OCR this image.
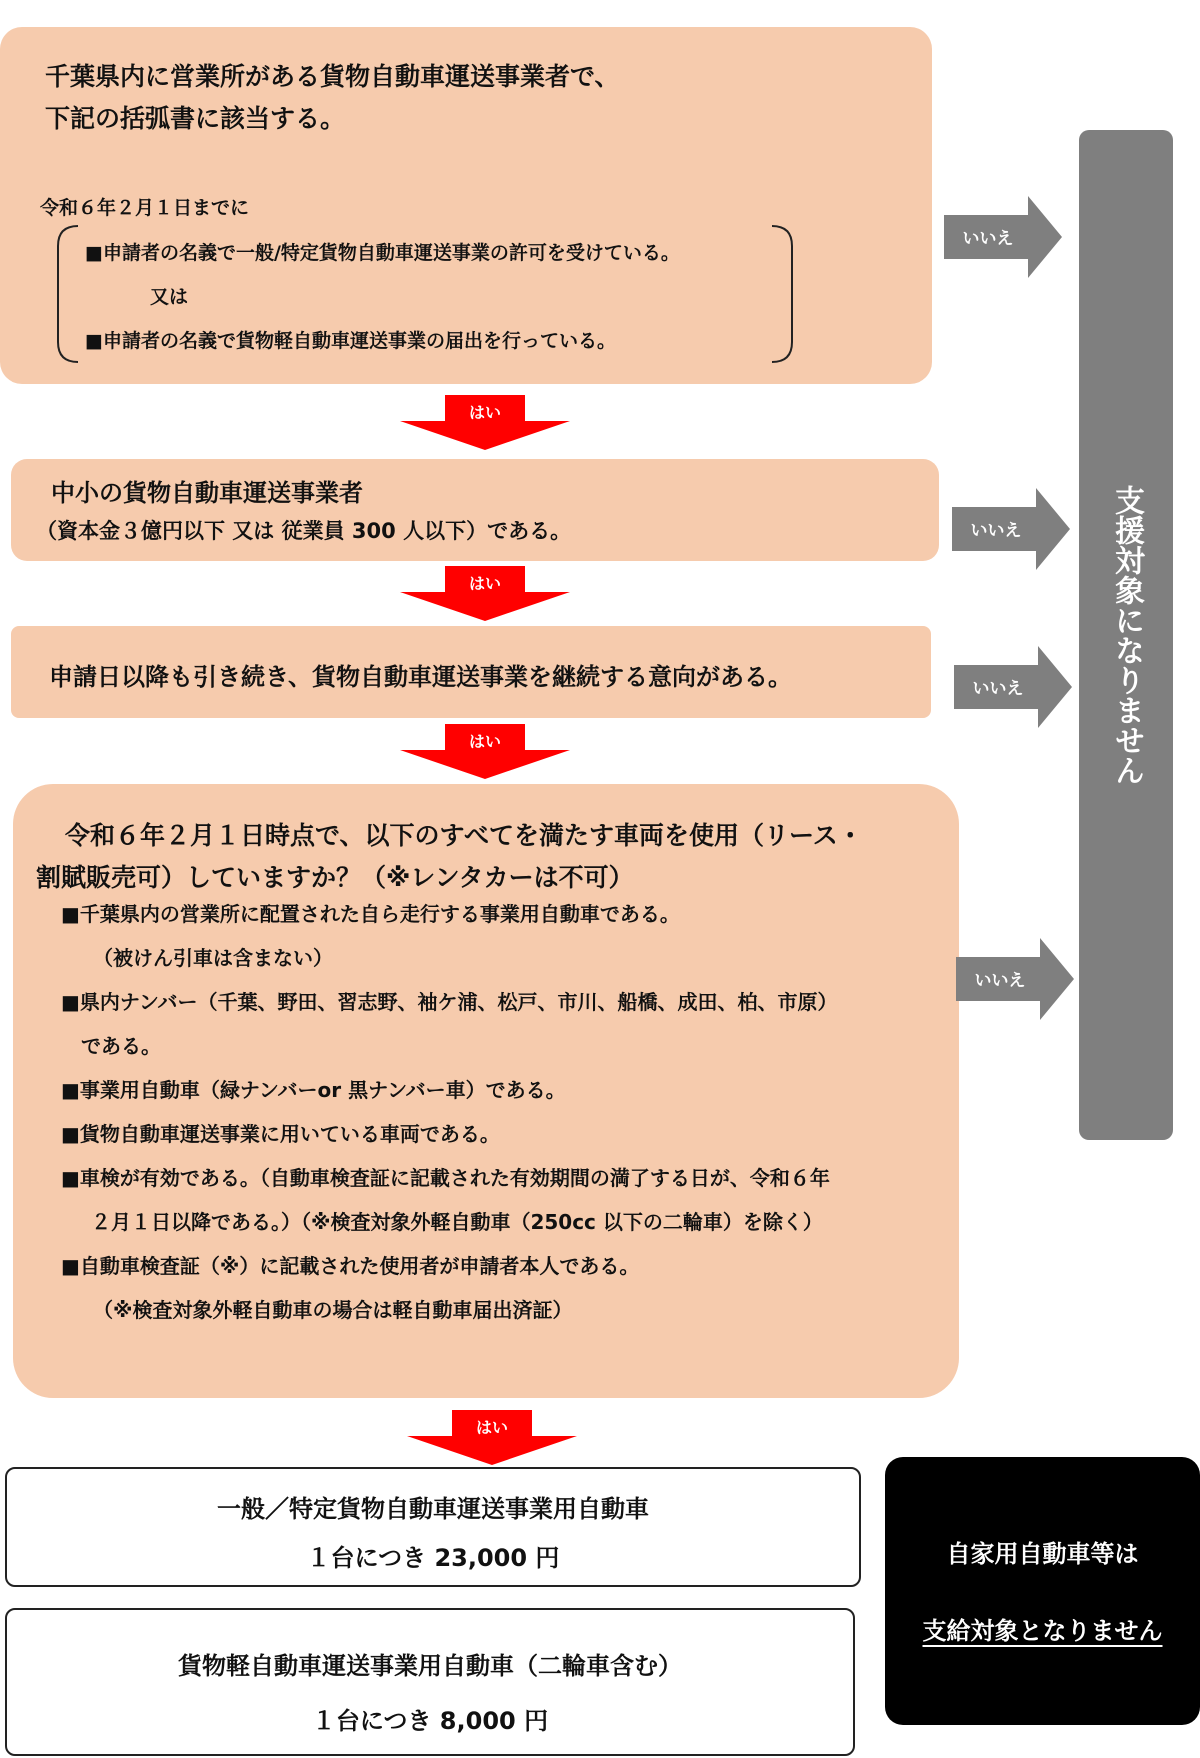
千葉県内に営業所がある貨物自動車運送事業者で、
下記の括弧書に該当する。
令和６年２月１日までに
■申請者の名義で一般/特定貨物自動車運送事業の許可を受けている。
又は
■申請者の名義で貨物軽自動車運送事業の届出を行っている。
はい
中小の貨物自動車運送事業者
（資本金３億円以下 又は 従業員 300 人以下）である。
はい
申請日以降も引き続き、貨物自動車運送事業を継続する意向がある。
はい
令和６年２月１日時点で、以下のすべてを満たす車両を使用（リース・
割賦販売可）していますか？（※レンタカーは不可）
■千葉県内の営業所に配置された自ら走行する事業用自動車である。
（被けん引車は含まない）
■県内ナンバー（千葉、野田、習志野、袖ケ浦、松戸、市川、船橋、成田、柏、市原）
である。
■事業用自動車（緑ナンバーor 黒ナンバー車）である。
■貨物自動車運送事業に用いている車両である。
■車検が有効である。（自動車検査証に記載された有効期間の満了する日が、令和６年
２月１日以降である。）（※検査対象外軽自動車（250cc 以下の二輪車）を除く）
■自動車検査証（※）に記載された使用者が申請者本人である。
（※検査対象外軽自動車の場合は軽自動車届出済証）
はい
いいえ
いいえ
いいえ
いいえ
支援対象になりません
一般／特定貨物自動車運送事業用自動車
１台につき 23,000 円
貨物軽自動車運送事業用自動車（二輪車含む）
１台につき 8,000 円
自家用自動車等は
支給対象となりません
